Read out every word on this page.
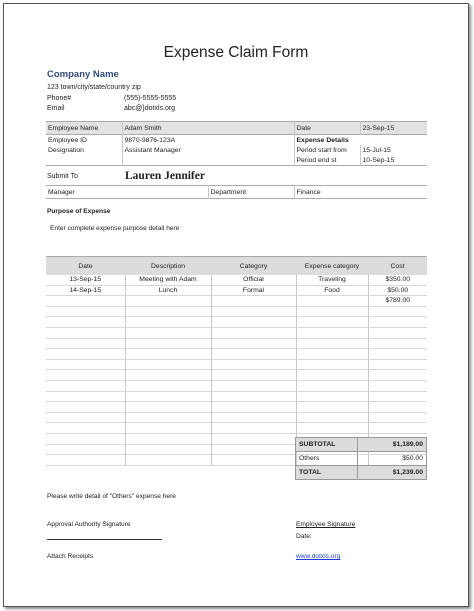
Expense Claim Form
Company Name
123 town/city/state/country zip
Phone#	(555)-5555-5555
Email	abc@}dotxls.org
Employee Name	Adam Smith	Date	23-Sep-15
Employee ID	9870-9876-123A	Expense Details	
Designation	Assistant Manager	Period start from	15-Jul-15
		Period end st	10-Sep-15
Submit To	Lauren Jennifer
Manager	Department	Finance
Purpose of Expense
Enter complete expense purpose detail here
Date	Description	Category	Expense category	Cost
13-Sep-15	Meeting with Adam	Official	Traveling	$350.00
14-Sep-15	Lunch	Formal	Food	$50.00
				$789.00

SUBTOTAL	$1,189.00
Others	$50.00
TOTAL	$1,239.00
Please write detail of "Others" expense here
Approval Authority Signature	Employee Signature
Date:
Attach Receipts	www.dotxls.org
